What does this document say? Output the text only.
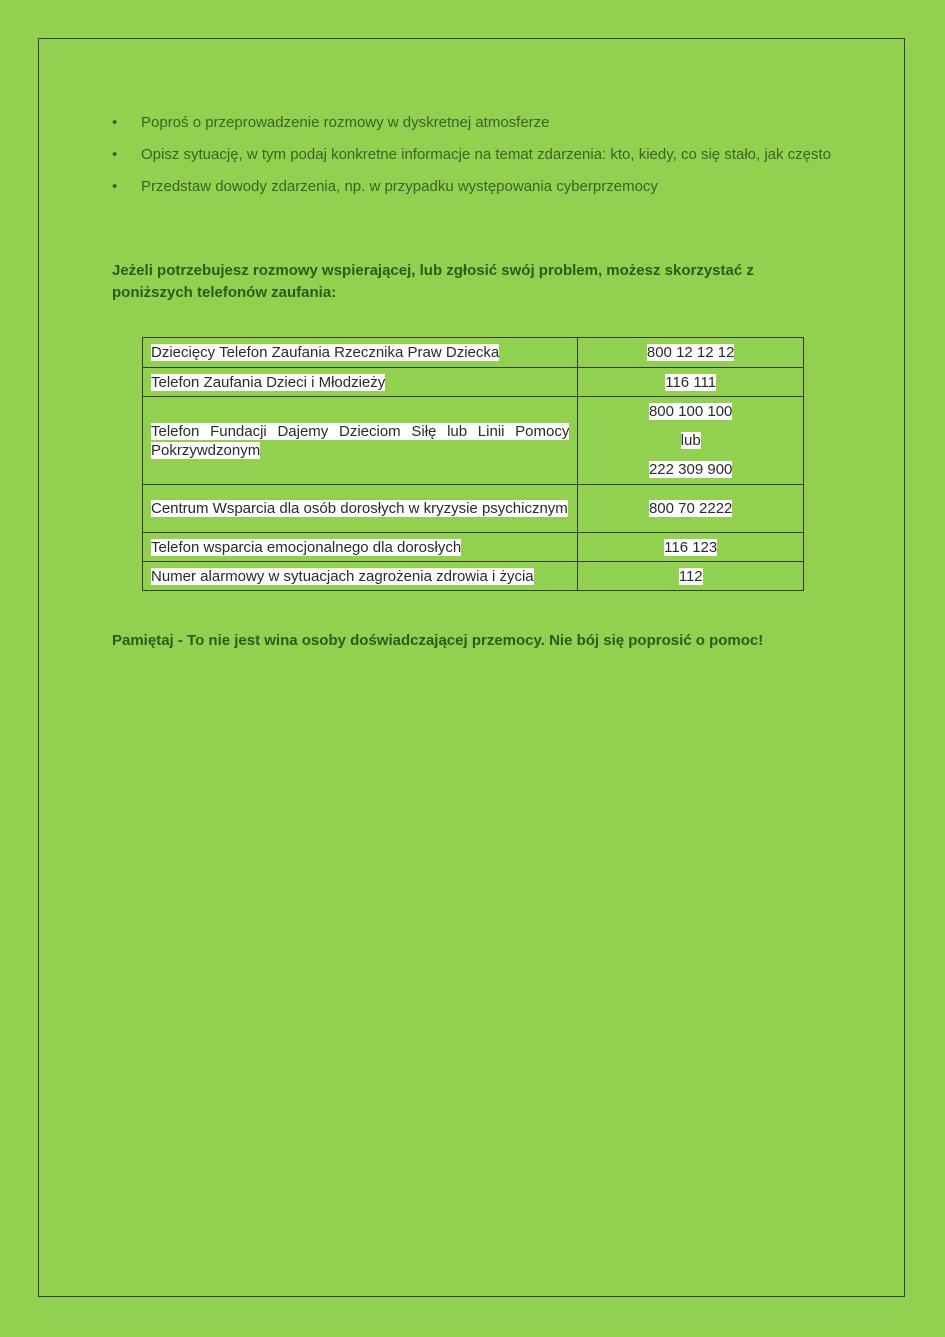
•	Poproś o przeprowadzenie rozmowy w dyskretnej atmosferze
•	Opisz sytuację, w tym podaj konkretne informacje na temat zdarzenia: kto, kiedy, co się stało, jak często
•	Przedstaw dowody zdarzenia, np. w przypadku występowania cyberprzemocy

Jeżeli potrzebujesz rozmowy wspierającej, lub zgłosić swój problem, możesz skorzystać z poniższych telefonów zaufania:

Dziecięcy Telefon Zaufania Rzecznika Praw Dziecka	800 12 12 12
Telefon Zaufania Dzieci i Młodzieży	116 111
Telefon Fundacji Dajemy Dzieciom Siłę lub Linii Pomocy Pokrzywdzonym	800 100 100
lub
222 309 900

Centrum Wsparcia dla osób dorosłych w kryzysie psychicznym	800 70 2222
Telefon wsparcia emocjonalnego dla dorosłych	116 123
Numer alarmowy w sytuacjach zagrożenia zdrowia i życia	112

Pamiętaj - To nie jest wina osoby doświadczającej przemocy. Nie bój się poprosić o pomoc!
